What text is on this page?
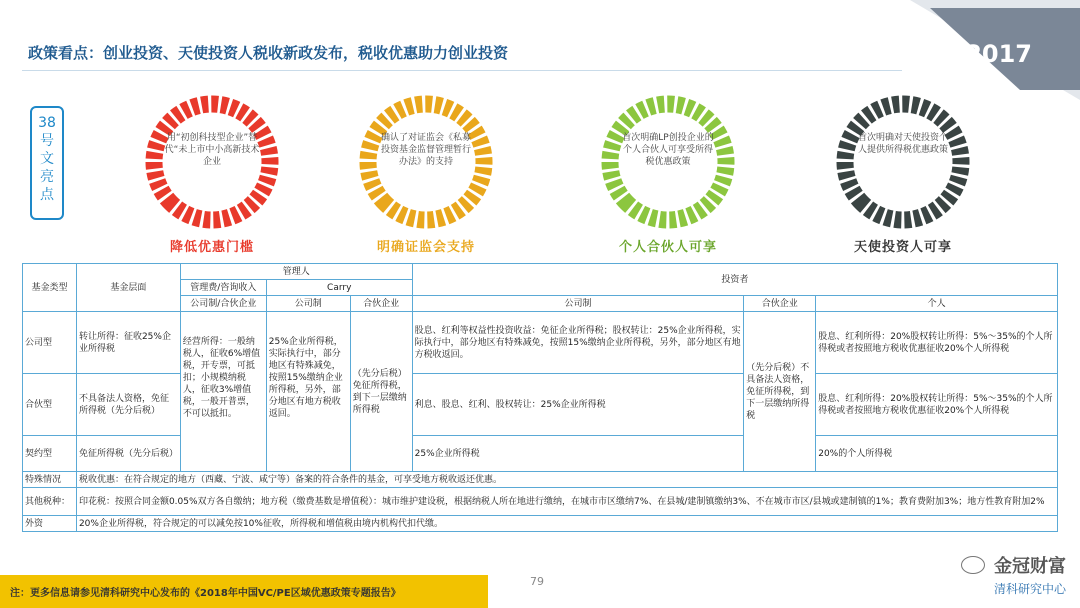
政策看点：创业投资、天使投资人税收新政发布，税收优惠助力创业投资	2017
38
号
文
亮
点
用“初创科技型企业”替代“未上市中小高新技术企业
降低优惠门槛
确认了对证监会《私募投资基金监督管理暂行办法》的支持
明确证监会支持
首次明确LP创投企业的个人合伙人可享受所得税优惠政策
个人合伙人可享
首次明确对天使投资个人提供所得税优惠政策
天使投资人可享
基金类型	基金层面	管理人			投资者		
		管理费/咨询收入	Carry				
		公司制/合伙企业	公司制	合伙企业	公司制	合伙企业	个人
公司型	转让所得：征收25%企业所得税	经营所得：一般纳税人，征收6%增值税，开专票，可抵扣；小规模纳税人，征收3%增值税，一般开普票，不可以抵扣。	25%企业所得税，实际执行中，部分地区有特殊减免，按照15%缴纳企业所得税，另外，部分地区有地方税收返回。	（先分后税）免征所得税，到下一层缴纳所得税	股息、红利等权益性投资收益：免征企业所得税；股权转让：25%企业所得税，实际执行中，部分地区有特殊减免，按照15%缴纳企业所得税，另外，部分地区有地方税收返回。	（先分后税）不具备法人资格，免征所得税，到下一层缴纳所得税	股息、红利所得：20%股权转让所得：5%～35%的个人所得税或者按照地方税收优惠征收20%个人所得税
合伙型	不具备法人资格，免征所得税（先分后税）				利息、股息、红利、股权转让：25%企业所得税		股息、红利所得：20%股权转让所得：5%～35%的个人所得税或者按照地方税收优惠征收20%个人所得税
契约型	免征所得税（先分后税）				25%企业所得税		20%的个人所得税
特殊情况	税收优惠：在符合规定的地方（西藏、宁波、咸宁等）备案的符合条件的基金，可享受地方税收返还优惠。						
其他税种：	印花税：按照合同金额0.05%双方各自缴纳；地方税（缴费基数是增值税）：城市维护建设税，根据纳税人所在地进行缴纳，在城市市区缴纳7%、在县城/建制镇缴纳3%、不在城市市区/县城或建制镇的1%；教育费附加3%；地方性教育附加2%						
外资	20%企业所得税，符合规定的可以减免按10%征收，所得税和增值税由境内机构代扣代缴。						
注：更多信息请参见清科研究中心发布的《2018年中国VC/PE区域优惠政策专题报告》
79
金冠财富
清科研究中心
